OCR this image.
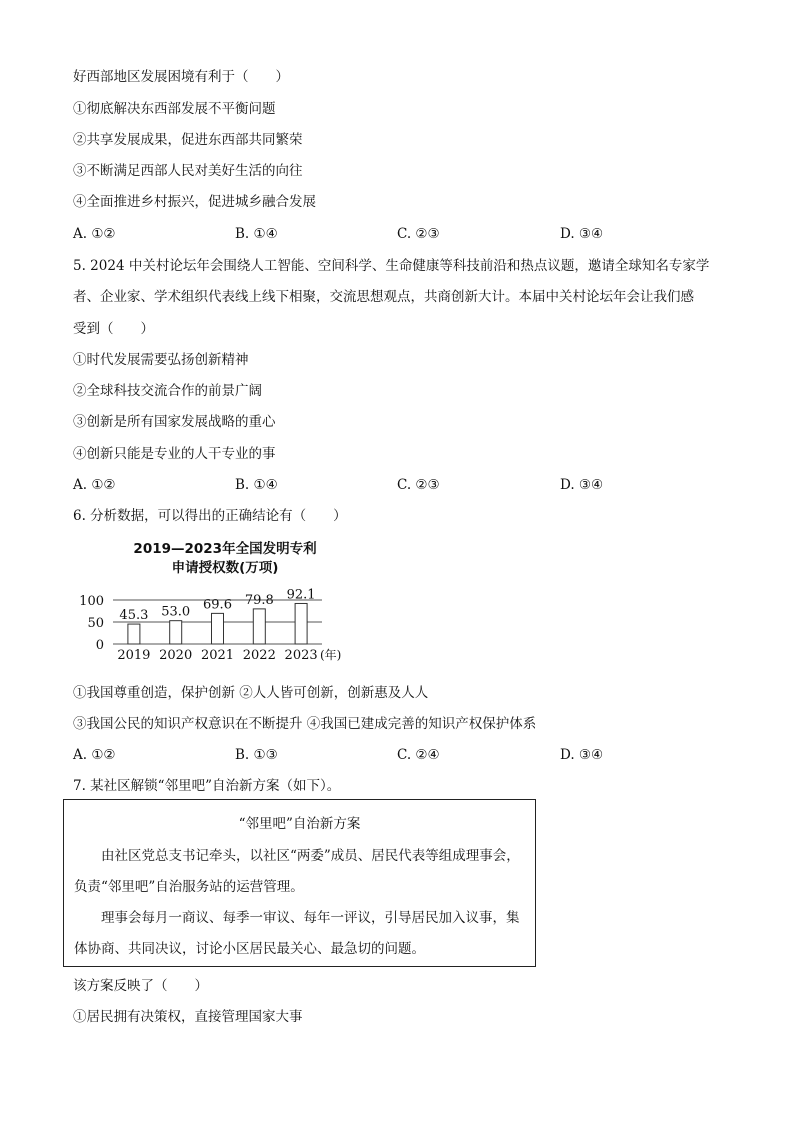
好西部地区发展困境有利于（　　）
①彻底解决东西部发展不平衡问题
②共享发展成果，促进东西部共同繁荣
③不断满足西部人民对美好生活的向往
④全面推进乡村振兴，促进城乡融合发展
A. ①②	B. ①④	C. ②③	D. ③④
5. 2024 中关村论坛年会围绕人工智能、空间科学、生命健康等科技前沿和热点议题，邀请全球知名专家学
者、企业家、学术组织代表线上线下相聚，交流思想观点，共商创新大计。本届中关村论坛年会让我们感
受到（　　）
①时代发展需要弘扬创新精神
②全球科技交流合作的前景广阔
③创新是所有国家发展战略的重心
④创新只能是专业的人干专业的事
A. ①②	B. ①④	C. ②③	D. ③④
6. 分析数据，可以得出的正确结论有（　　）
2019—2023年全国发明专利
申请授权数(万项)
100
50
0
45.3
2019
53.0
2020
69.6
2021
79.8
2022
92.1
2023 (年)
①我国尊重创造，保护创新 ②人人皆可创新，创新惠及人人
③我国公民的知识产权意识在不断提升 ④我国已建成完善的知识产权保护体系
A. ①②	B. ①③	C. ②④	D. ③④
7. 某社区解锁“邻里吧”自治新方案（如下）。
“邻里吧”自治新方案
由社区党总支书记牵头，以社区“两委”成员、居民代表等组成理事会，
负责“邻里吧”自治服务站的运营管理。
理事会每月一商议、每季一审议、每年一评议，引导居民加入议事，集
体协商、共同决议，讨论小区居民最关心、最急切的问题。
该方案反映了（　　）
①居民拥有决策权，直接管理国家大事
